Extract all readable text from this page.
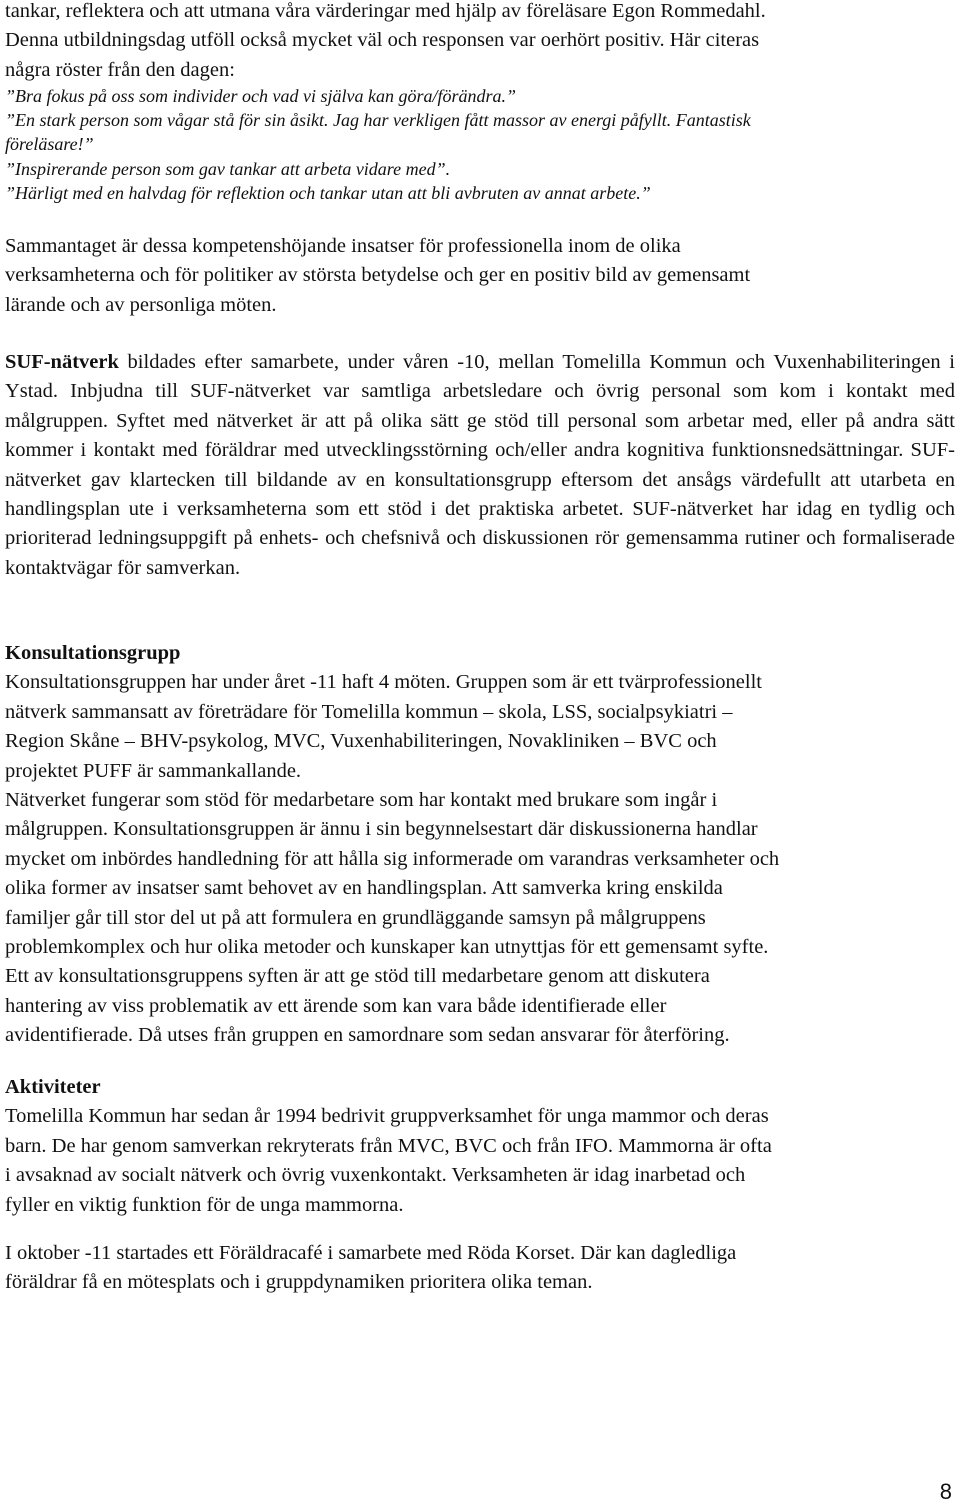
tankar, reflektera och att utmana våra värderingar med hjälp av föreläsare Egon Rommedahl.

Denna utbildningsdag utföll också mycket väl och responsen var oerhört positiv. Här citeras

några röster från den dagen:

”Bra fokus på oss som individer och vad vi själva kan göra/förändra.”

”En stark person som vågar stå för sin åsikt. Jag har verkligen fått massor av energi påfyllt. Fantastisk

föreläsare!”

”Inspirerande person som gav tankar att arbeta vidare med”.

”Härligt med en halvdag för reflektion och tankar utan att bli avbruten av annat arbete.”

Sammantaget är dessa kompetenshöjande insatser för professionella inom de olika

verksamheterna och för politiker av största betydelse och ger en positiv bild av gemensamt

lärande och av personliga möten.

SUF-nätverk bildades efter samarbete, under våren -10, mellan Tomelilla Kommun och Vuxenhabiliteringen i Ystad. Inbjudna till SUF-nätverket var samtliga arbetsledare och övrig personal som kom i kontakt med målgruppen. Syftet med nätverket är att på olika sätt ge stöd till personal som arbetar med, eller på andra sätt kommer i kontakt med föräldrar med utvecklingsstörning och/eller andra kognitiva funktionsnedsättningar. SUF-nätverket gav klartecken till bildande av en konsultationsgrupp eftersom det ansågs värdefullt att utarbeta en handlingsplan ute i verksamheterna som ett stöd i det praktiska arbetet. SUF-nätverket har idag en tydlig och prioriterad ledningsuppgift på enhets- och chefsnivå och diskussionen rör gemensamma rutiner och formaliserade kontaktvägar för samverkan.

Konsultationsgrupp

Konsultationsgruppen har under året -11 haft 4 möten. Gruppen som är ett tvärprofessionellt

nätverk sammansatt av företrädare för Tomelilla kommun – skola, LSS, socialpsykiatri –

Region Skåne – BHV-psykolog, MVC, Vuxenhabiliteringen, Novakliniken – BVC och

projektet PUFF är sammankallande.

Nätverket fungerar som stöd för medarbetare som har kontakt med brukare som ingår i

målgruppen. Konsultationsgruppen är ännu i sin begynnelsestart där diskussionerna handlar

mycket om inbördes handledning för att hålla sig informerade om varandras verksamheter och

olika former av insatser samt behovet av en handlingsplan. Att samverka kring enskilda

familjer går till stor del ut på att formulera en grundläggande samsyn på målgruppens

problemkomplex och hur olika metoder och kunskaper kan utnyttjas för ett gemensamt syfte.

Ett av konsultationsgruppens syften är att ge stöd till medarbetare genom att diskutera

hantering av viss problematik av ett ärende som kan vara både identifierade eller

avidentifierade. Då utses från gruppen en samordnare som sedan ansvarar för återföring.

Aktiviteter

Tomelilla Kommun har sedan år 1994 bedrivit gruppverksamhet för unga mammor och deras

barn. De har genom samverkan rekryterats från MVC, BVC och från IFO. Mammorna är ofta

i avsaknad av socialt nätverk och övrig vuxenkontakt. Verksamheten är idag inarbetad och

fyller en viktig funktion för de unga mammorna.

I oktober -11 startades ett Föräldracafé i samarbete med Röda Korset. Där kan dagledliga

föräldrar få en mötesplats och i gruppdynamiken prioritera olika teman.

8
